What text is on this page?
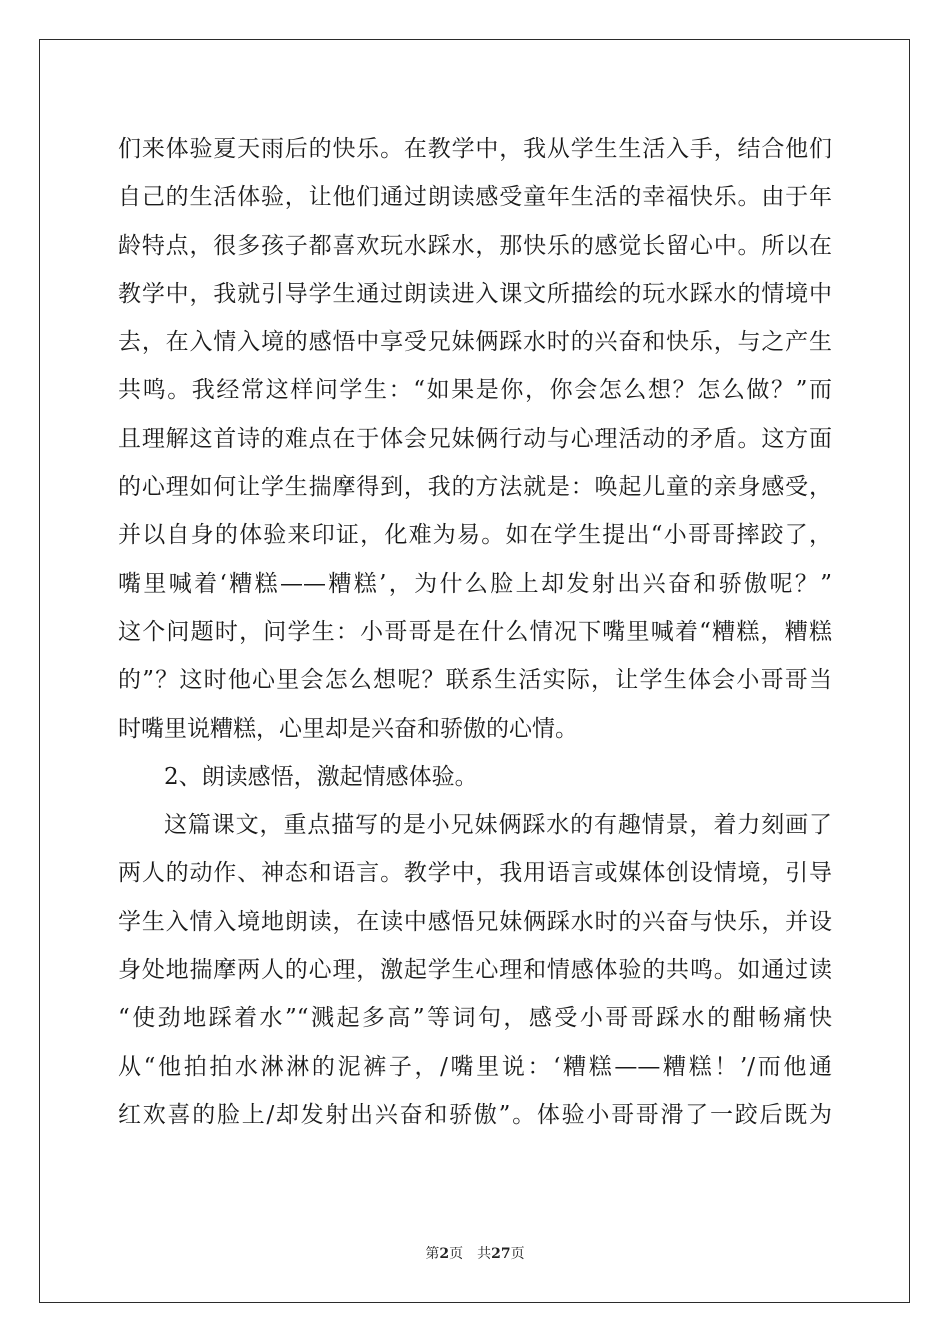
们来体验夏天雨后的快乐。在教学中，我从学生生活入手，结合他们
自己的生活体验，让他们通过朗读感受童年生活的幸福快乐。由于年
龄特点，很多孩子都喜欢玩水踩水，那快乐的感觉长留心中。所以在
教学中，我就引导学生通过朗读进入课文所描绘的玩水踩水的情境中
去，在入情入境的感悟中享受兄妹俩踩水时的兴奋和快乐，与之产生
共鸣。我经常这样问学生：“如果是你，你会怎么想？怎么做？”而
且理解这首诗的难点在于体会兄妹俩行动与心理活动的矛盾。这方面
的心理如何让学生揣摩得到，我的方法就是：唤起儿童的亲身感受，
并以自身的体验来印证，化难为易。如在学生提出“小哥哥摔跤了，
嘴里喊着‘糟糕——糟糕’，为什么脸上却发射出兴奋和骄傲呢？”
这个问题时，问学生：小哥哥是在什么情况下嘴里喊着“糟糕，糟糕
的”？这时他心里会怎么想呢？联系生活实际，让学生体会小哥哥当
时嘴里说糟糕，心里却是兴奋和骄傲的心情。
2、朗读感悟，激起情感体验。
这篇课文，重点描写的是小兄妹俩踩水的有趣情景，着力刻画了
两人的动作、神态和语言。教学中，我用语言或媒体创设情境，引导
学生入情入境地朗读，在读中感悟兄妹俩踩水时的兴奋与快乐，并设
身处地揣摩两人的心理，激起学生心理和情感体验的共鸣。如通过读
“使劲地踩着水”“溅起多高”等词句，感受小哥哥踩水的酣畅痛快
从“他拍拍水淋淋的泥裤子，/嘴里说：‘糟糕——糟糕！’/而他通
红欢喜的脸上/却发射出兴奋和骄傲”。体验小哥哥滑了一跤后既为
第2页 共27页
